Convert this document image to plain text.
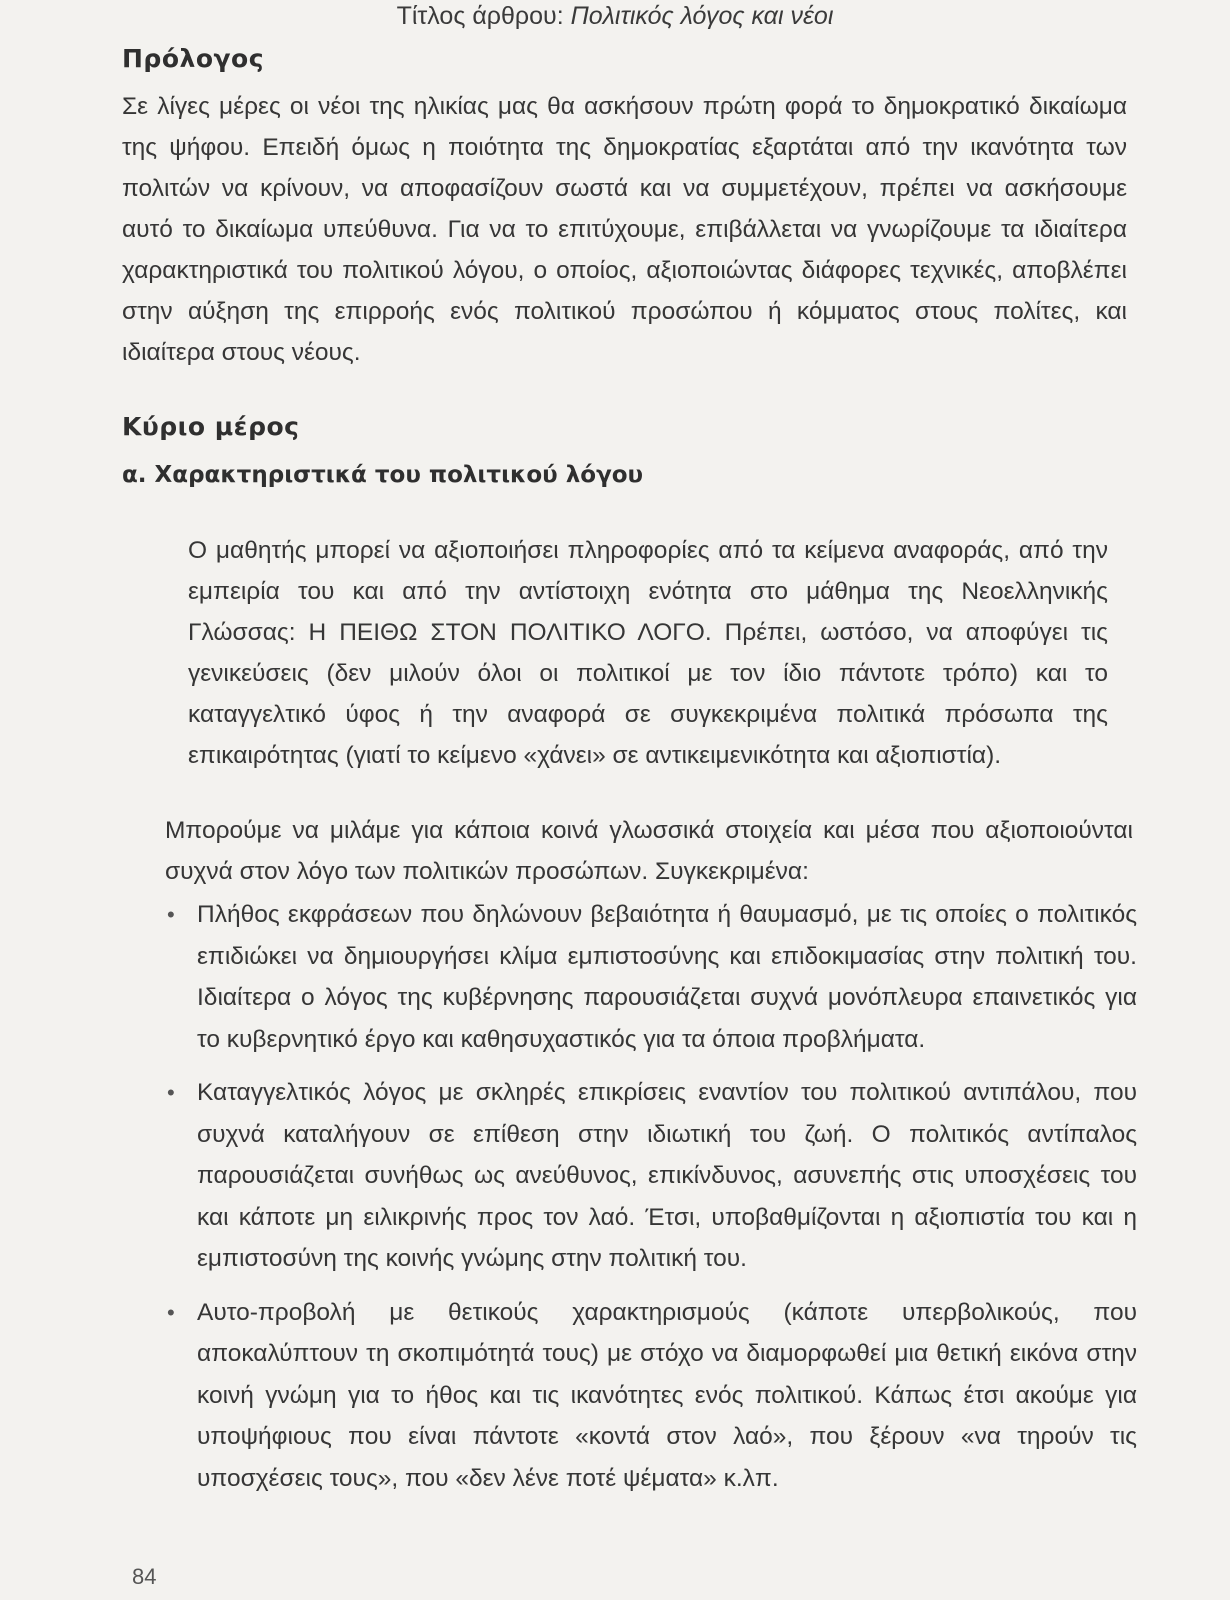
Τίτλος άρθρου: Πολιτικός λόγος και νέοι

Πρόλογος

Σε λίγες μέρες οι νέοι της ηλικίας μας θα ασκήσουν πρώτη φορά το δημοκρατικό δικαίωμα της ψήφου. Επειδή όμως η ποιότητα της δημοκρατίας εξαρτάται από την ικανότητα των πολιτών να κρίνουν, να αποφασίζουν σωστά και να συμμετέχουν, πρέπει να ασκήσουμε αυτό το δικαίωμα υπεύθυνα. Για να το επιτύχουμε, επιβάλλεται να γνωρίζουμε τα ιδιαίτερα χαρακτηριστικά του πολιτικού λόγου, ο οποίος, αξιοποιώντας διάφορες τεχνικές, αποβλέπει στην αύξηση της επιρροής ενός πολιτικού προσώπου ή κόμματος στους πολίτες, και ιδιαίτερα στους νέους.

Κύριο μέρος
α. Χαρακτηριστικά του πολιτικού λόγου

Ο μαθητής μπορεί να αξιοποιήσει πληροφορίες από τα κείμενα αναφοράς, από την εμπειρία του και από την αντίστοιχη ενότητα στο μάθημα της Νεοελληνικής Γλώσσας: Η ΠΕΙΘΩ ΣΤΟΝ ΠΟΛΙΤΙΚΟ ΛΟΓΟ. Πρέπει, ωστόσο, να αποφύγει τις γενικεύσεις (δεν μιλούν όλοι οι πολιτικοί με τον ίδιο πάντοτε τρόπο) και το καταγγελτικό ύφος ή την αναφορά σε συγκεκριμένα πολιτικά πρόσωπα της επικαιρότητας (γιατί το κείμενο «χάνει» σε αντικειμενικότητα και αξιοπιστία).

Μπορούμε να μιλάμε για κάποια κοινά γλωσσικά στοιχεία και μέσα που αξιοποιούνται συχνά στον λόγο των πολιτικών προσώπων. Συγκεκριμένα:

• Πλήθος εκφράσεων που δηλώνουν βεβαιότητα ή θαυμασμό, με τις οποίες ο πολιτικός επιδιώκει να δημιουργήσει κλίμα εμπιστοσύνης και επιδοκιμασίας στην πολιτική του. Ιδιαίτερα ο λόγος της κυβέρνησης παρουσιάζεται συχνά μονόπλευρα επαινετικός για το κυβερνητικό έργο και καθησυχαστικός για τα όποια προβλήματα.
• Καταγγελτικός λόγος με σκληρές επικρίσεις εναντίον του πολιτικού αντιπάλου, που συχνά καταλήγουν σε επίθεση στην ιδιωτική του ζωή. Ο πολιτικός αντίπαλος παρουσιάζεται συνήθως ως ανεύθυνος, επικίνδυνος, ασυνεπής στις υποσχέσεις του και κάποτε μη ειλικρινής προς τον λαό. Έτσι, υποβαθμίζονται η αξιοπιστία του και η εμπιστοσύνη της κοινής γνώμης στην πολιτική του.
• Αυτο-προβολή με θετικούς χαρακτηρισμούς (κάποτε υπερβολικούς, που αποκαλύπτουν τη σκοπιμότητά τους) με στόχο να διαμορφωθεί μια θετική εικόνα στην κοινή γνώμη για το ήθος και τις ικανότητες ενός πολιτικού. Κάπως έτσι ακούμε για υποψήφιους που είναι πάντοτε «κοντά στον λαό», που ξέρουν «να τηρούν τις υποσχέσεις τους», που «δεν λένε ποτέ ψέματα» κ.λπ.

84
